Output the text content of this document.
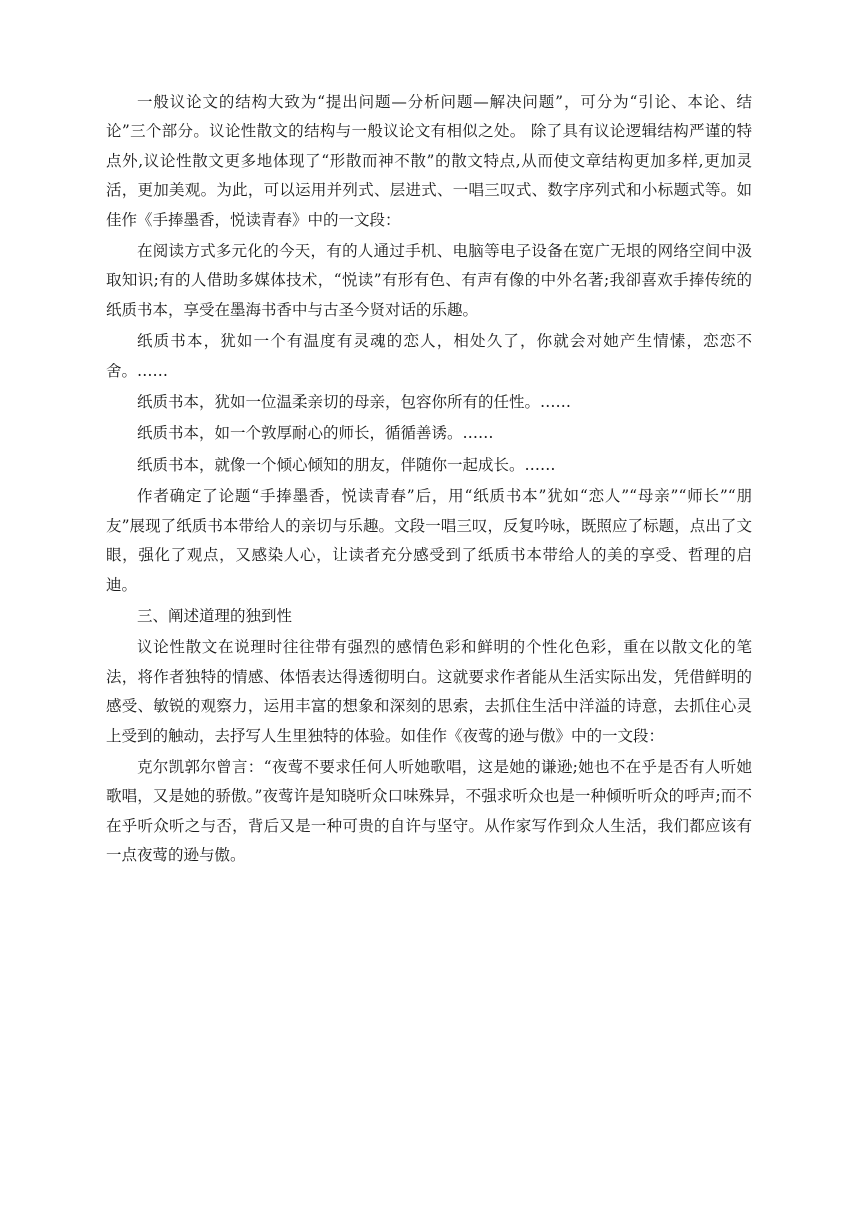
一般议论文的结构大致为“提出问题—分析问题—解决问题”，可分为“引论、本论、结论”三个部分。议论性散文的结构与一般议论文有相似之处。 除了具有议论逻辑结构严谨的特点外,议论性散文更多地体现了“形散而神不散”的散文特点,从而使文章结构更加多样,更加灵活，更加美观。为此，可以运用并列式、层进式、一唱三叹式、数字序列式和小标题式等。如佳作《手捧墨香，悦读青春》中的一文段：

在阅读方式多元化的今天，有的人通过手机、电脑等电子设备在宽广无垠的网络空间中汲取知识;有的人借助多媒体技术，“悦读”有形有色、有声有像的中外名著;我卻喜欢手捧传统的纸质书本，享受在墨海书香中与古圣今贤对话的乐趣。

纸质书本，犹如一个有温度有灵魂的恋人，相处久了，你就会对她产生情愫，恋恋不舍。……

纸质书本，犹如一位温柔亲切的母亲，包容你所有的任性。……

纸质书本，如一个敦厚耐心的师长，循循善诱。……

纸质书本，就像一个倾心倾知的朋友，伴随你一起成长。……

作者确定了论题“手捧墨香，悦读青春”后，用“纸质书本”犹如“恋人”“母亲”“师长”“朋友”展现了纸质书本带给人的亲切与乐趣。文段一唱三叹，反复吟咏，既照应了标题，点出了文眼，强化了观点，又感染人心，让读者充分感受到了纸质书本带给人的美的享受、哲理的启迪。

三、阐述道理的独到性

议论性散文在说理时往往带有强烈的感情色彩和鲜明的个性化色彩，重在以散文化的笔法，将作者独特的情感、体悟表达得透彻明白。这就要求作者能从生活实际出发，凭借鲜明的感受、敏锐的观察力，运用丰富的想象和深刻的思索，去抓住生活中洋溢的诗意，去抓住心灵上受到的触动，去抒写人生里独特的体验。如佳作《夜莺的逊与傲》中的一文段：

克尔凯郭尔曾言：“夜莺不要求任何人听她歌唱，这是她的谦逊;她也不在乎是否有人听她歌唱，又是她的骄傲。”夜莺许是知晓听众口味殊异，不强求听众也是一种倾听听众的呼声;而不在乎听众听之与否，背后又是一种可贵的自许与坚守。从作家写作到众人生活，我们都应该有一点夜莺的逊与傲。
